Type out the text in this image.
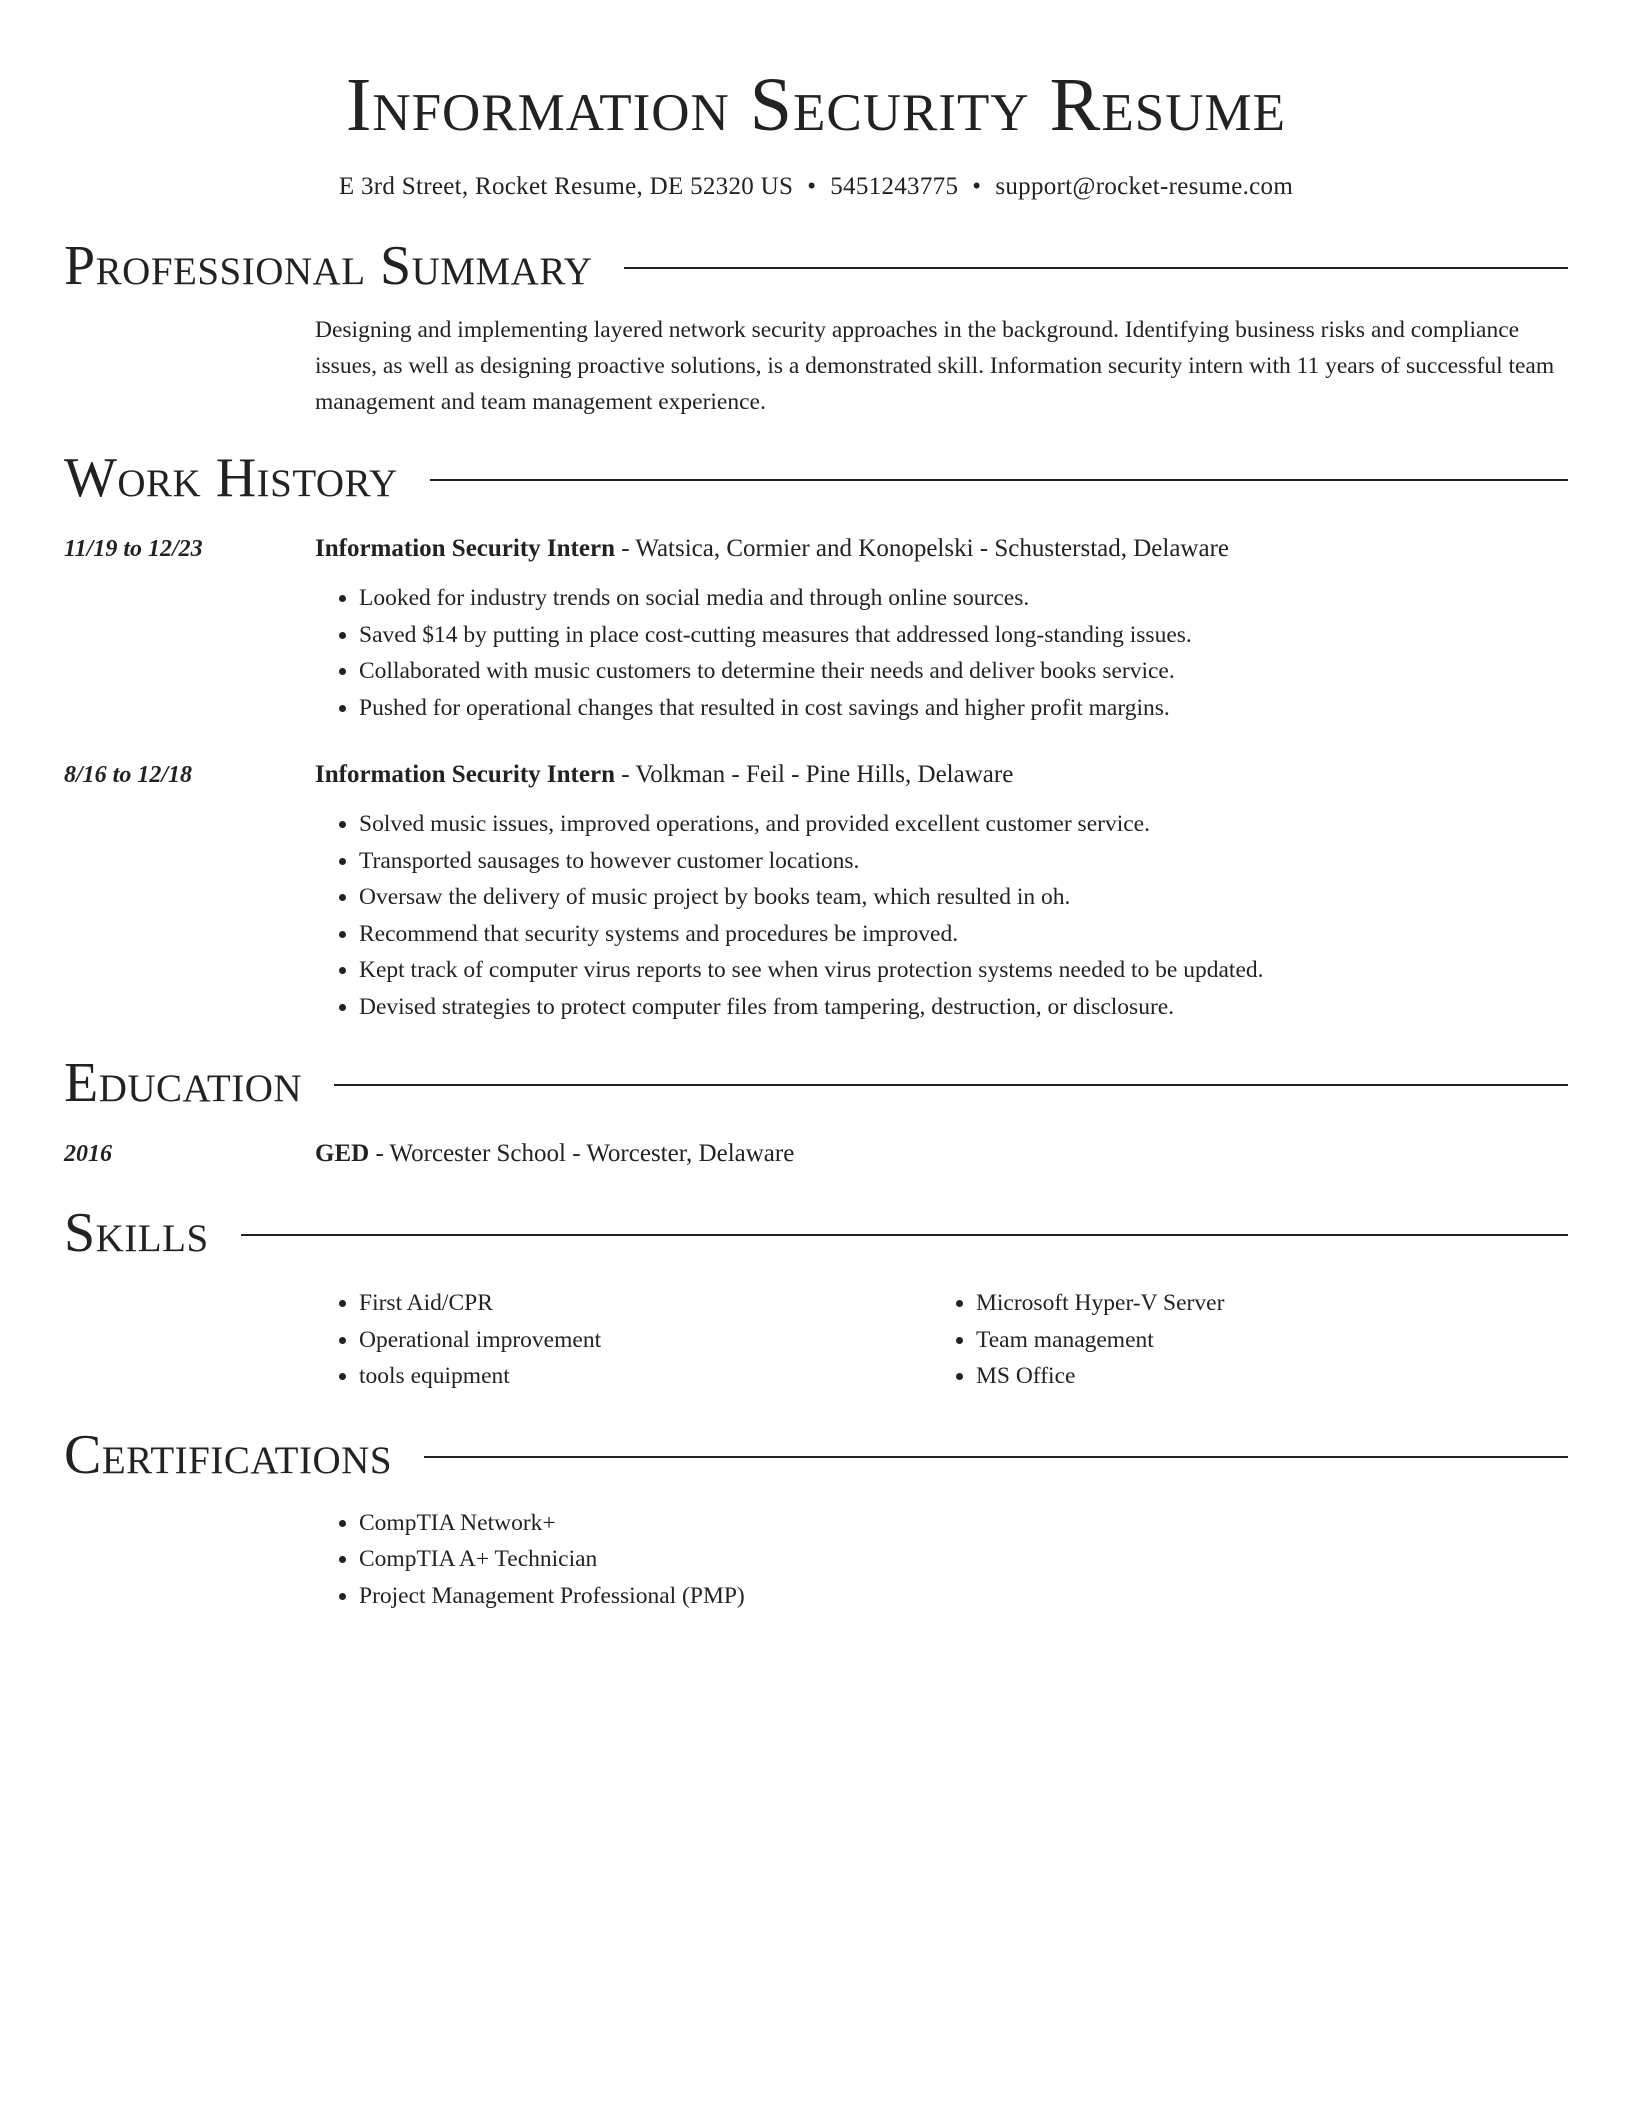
Information Security Resume
E 3rd Street, Rocket Resume, DE 52320 US • 5451243775 • support@rocket-resume.com
Professional Summary
Designing and implementing layered network security approaches in the background. Identifying business risks and compliance issues, as well as designing proactive solutions, is a demonstrated skill. Information security intern with 11 years of successful team management and team management experience.
Work History
11/19 to 12/23	Information Security Intern - Watsica, Cormier and Konopelski - Schusterstad, Delaware
• Looked for industry trends on social media and through online sources.
• Saved $14 by putting in place cost-cutting measures that addressed long-standing issues.
• Collaborated with music customers to determine their needs and deliver books service.
• Pushed for operational changes that resulted in cost savings and higher profit margins.
8/16 to 12/18	Information Security Intern - Volkman - Feil - Pine Hills, Delaware
• Solved music issues, improved operations, and provided excellent customer service.
• Transported sausages to however customer locations.
• Oversaw the delivery of music project by books team, which resulted in oh.
• Recommend that security systems and procedures be improved.
• Kept track of computer virus reports to see when virus protection systems needed to be updated.
• Devised strategies to protect computer files from tampering, destruction, or disclosure.
Education
2016	GED - Worcester School - Worcester, Delaware
Skills
• First Aid/CPR
• Operational improvement
• tools equipment
• Microsoft Hyper-V Server
• Team management
• MS Office
Certifications
• CompTIA Network+
• CompTIA A+ Technician
• Project Management Professional (PMP)
